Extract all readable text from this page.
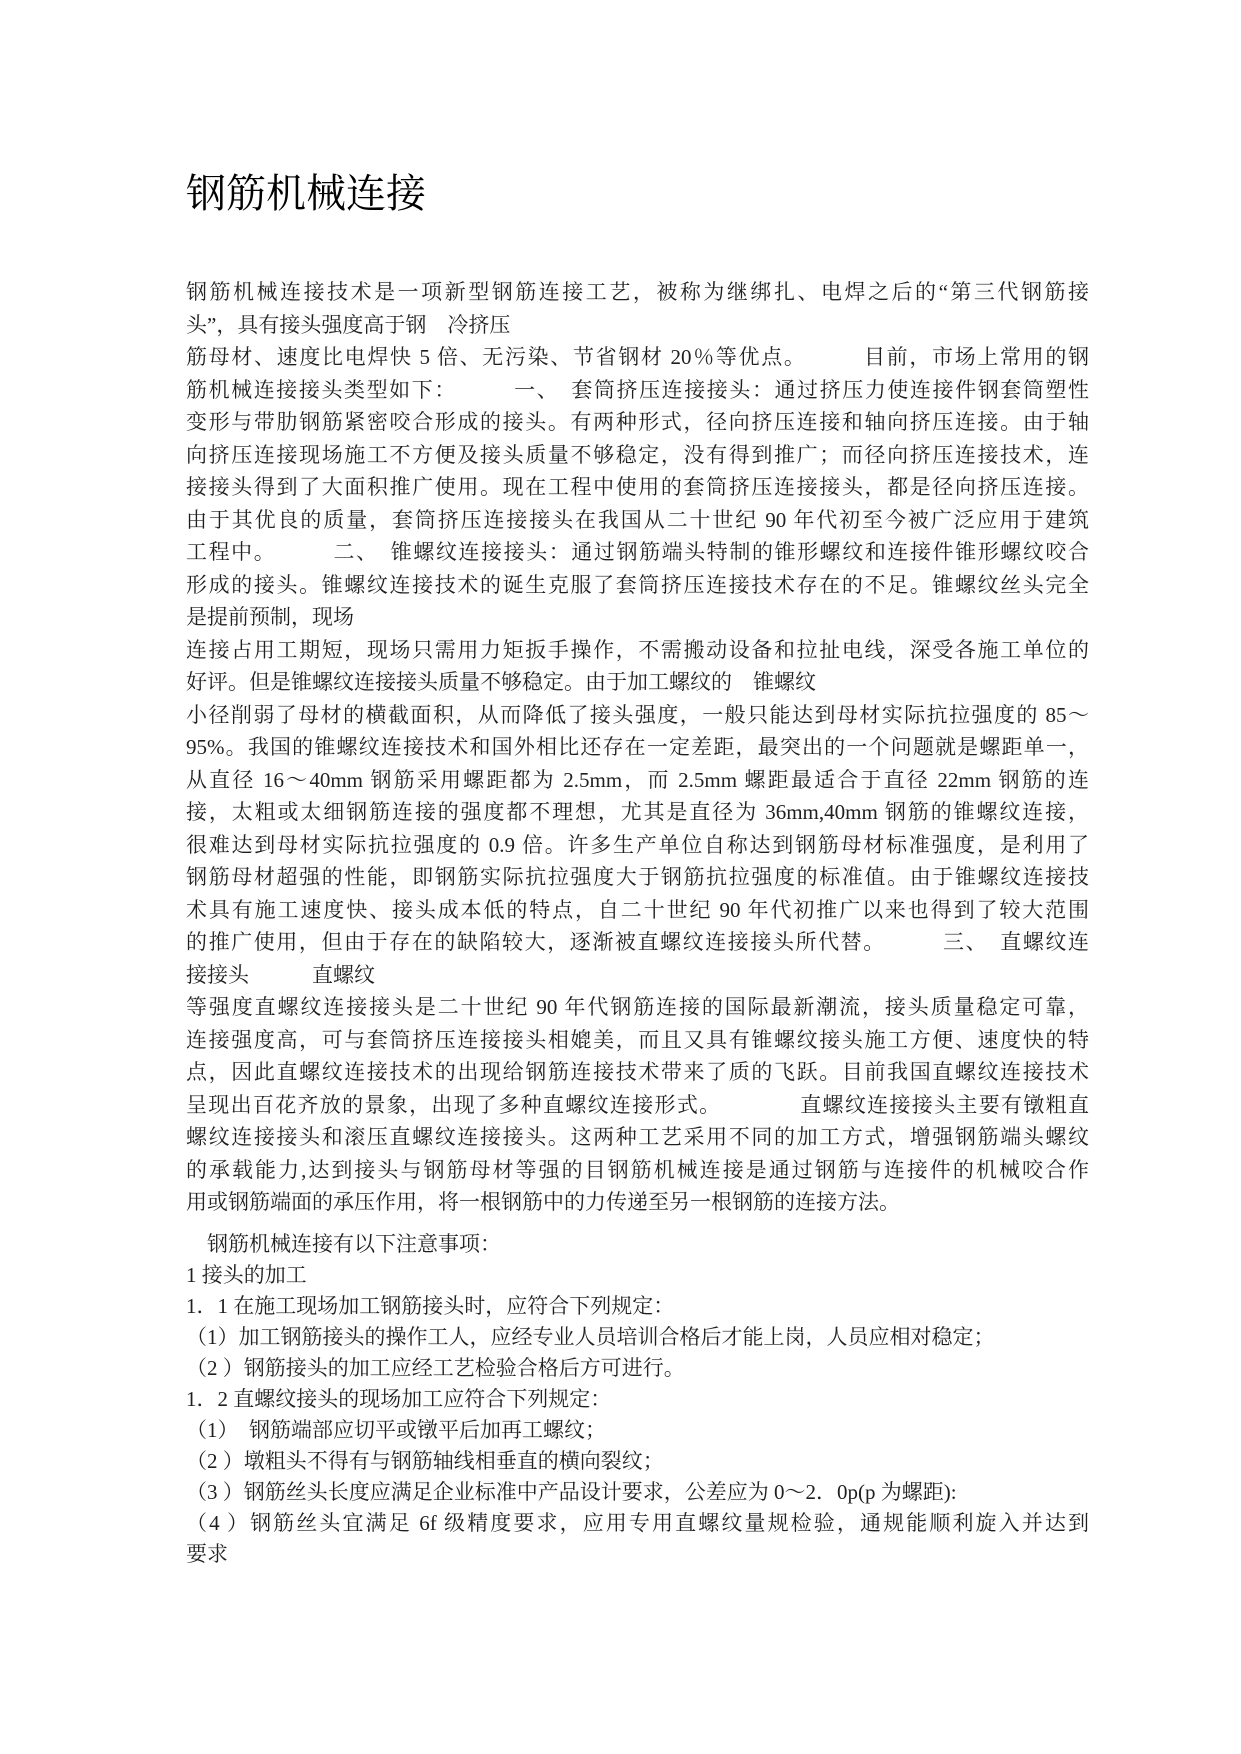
钢筋机械连接
钢筋机械连接技术是一项新型钢筋连接工艺，被称为继绑扎、电焊之后的“第三代钢筋接
头”，具有接头强度高于钢　冷挤压
筋母材、速度比电焊快 5 倍、无污染、节省钢材 20％等优点。　　　目前，市场上常用的钢
筋机械连接接头类型如下：　　　一、　套筒挤压连接接头：通过挤压力使连接件钢套筒塑性
变形与带肋钢筋紧密咬合形成的接头。有两种形式，径向挤压连接和轴向挤压连接。由于轴
向挤压连接现场施工不方便及接头质量不够稳定，没有得到推广；而径向挤压连接技术，连
接接头得到了大面积推广使用。现在工程中使用的套筒挤压连接接头，都是径向挤压连接。
由于其优良的质量，套筒挤压连接接头在我国从二十世纪 90 年代初至今被广泛应用于建筑
工程中。　　　二、　锥螺纹连接接头：通过钢筋端头特制的锥形螺纹和连接件锥形螺纹咬合
形成的接头。锥螺纹连接技术的诞生克服了套筒挤压连接技术存在的不足。锥螺纹丝头完全
是提前预制，现场
连接占用工期短，现场只需用力矩扳手操作，不需搬动设备和拉扯电线，深受各施工单位的
好评。但是锥螺纹连接接头质量不够稳定。由于加工螺纹的　锥螺纹
小径削弱了母材的横截面积，从而降低了接头强度，一般只能达到母材实际抗拉强度的 85～
95%。我国的锥螺纹连接技术和国外相比还存在一定差距，最突出的一个问题就是螺距单一，
从直径 16～40mm 钢筋采用螺距都为 2.5mm，而 2.5mm 螺距最适合于直径 22mm 钢筋的连
接，太粗或太细钢筋连接的强度都不理想，尤其是直径为 36mm,40mm 钢筋的锥螺纹连接，
很难达到母材实际抗拉强度的 0.9 倍。许多生产单位自称达到钢筋母材标准强度，是利用了
钢筋母材超强的性能，即钢筋实际抗拉强度大于钢筋抗拉强度的标准值。由于锥螺纹连接技
术具有施工速度快、接头成本低的特点，自二十世纪 90 年代初推广以来也得到了较大范围
的推广使用，但由于存在的缺陷较大，逐渐被直螺纹连接接头所代替。　　　三、　直螺纹连
接接头　　　直螺纹
等强度直螺纹连接接头是二十世纪 90 年代钢筋连接的国际最新潮流，接头质量稳定可靠，
连接强度高，可与套筒挤压连接接头相媲美，而且又具有锥螺纹接头施工方便、速度快的特
点，因此直螺纹连接技术的出现给钢筋连接技术带来了质的飞跃。目前我国直螺纹连接技术
呈现出百花齐放的景象，出现了多种直螺纹连接形式。　　　　直螺纹连接接头主要有镦粗直
螺纹连接接头和滚压直螺纹连接接头。这两种工艺采用不同的加工方式，增强钢筋端头螺纹
的承载能力,达到接头与钢筋母材等强的目钢筋机械连接是通过钢筋与连接件的机械咬合作
用或钢筋端面的承压作用，将一根钢筋中的力传递至另一根钢筋的连接方法。
　钢筋机械连接有以下注意事项：
1 接头的加工
1．1 在施工现场加工钢筋接头时，应符合下列规定：
（1）加工钢筋接头的操作工人，应经专业人员培训合格后才能上岗，人员应相对稳定；
（2 ）钢筋接头的加工应经工艺检验合格后方可进行。
1．2 直螺纹接头的现场加工应符合下列规定：
（1）　钢筋端部应切平或镦平后加再工螺纹；
（2 ）墩粗头不得有与钢筋轴线相垂直的横向裂纹；
（3 ）钢筋丝头长度应满足企业标准中产品设计要求，公差应为 0～2．0p(p 为螺距):
（4 ）钢筋丝头宜满足 6f 级精度要求，应用专用直螺纹量规检验，通规能顺利旋入并达到
要求
